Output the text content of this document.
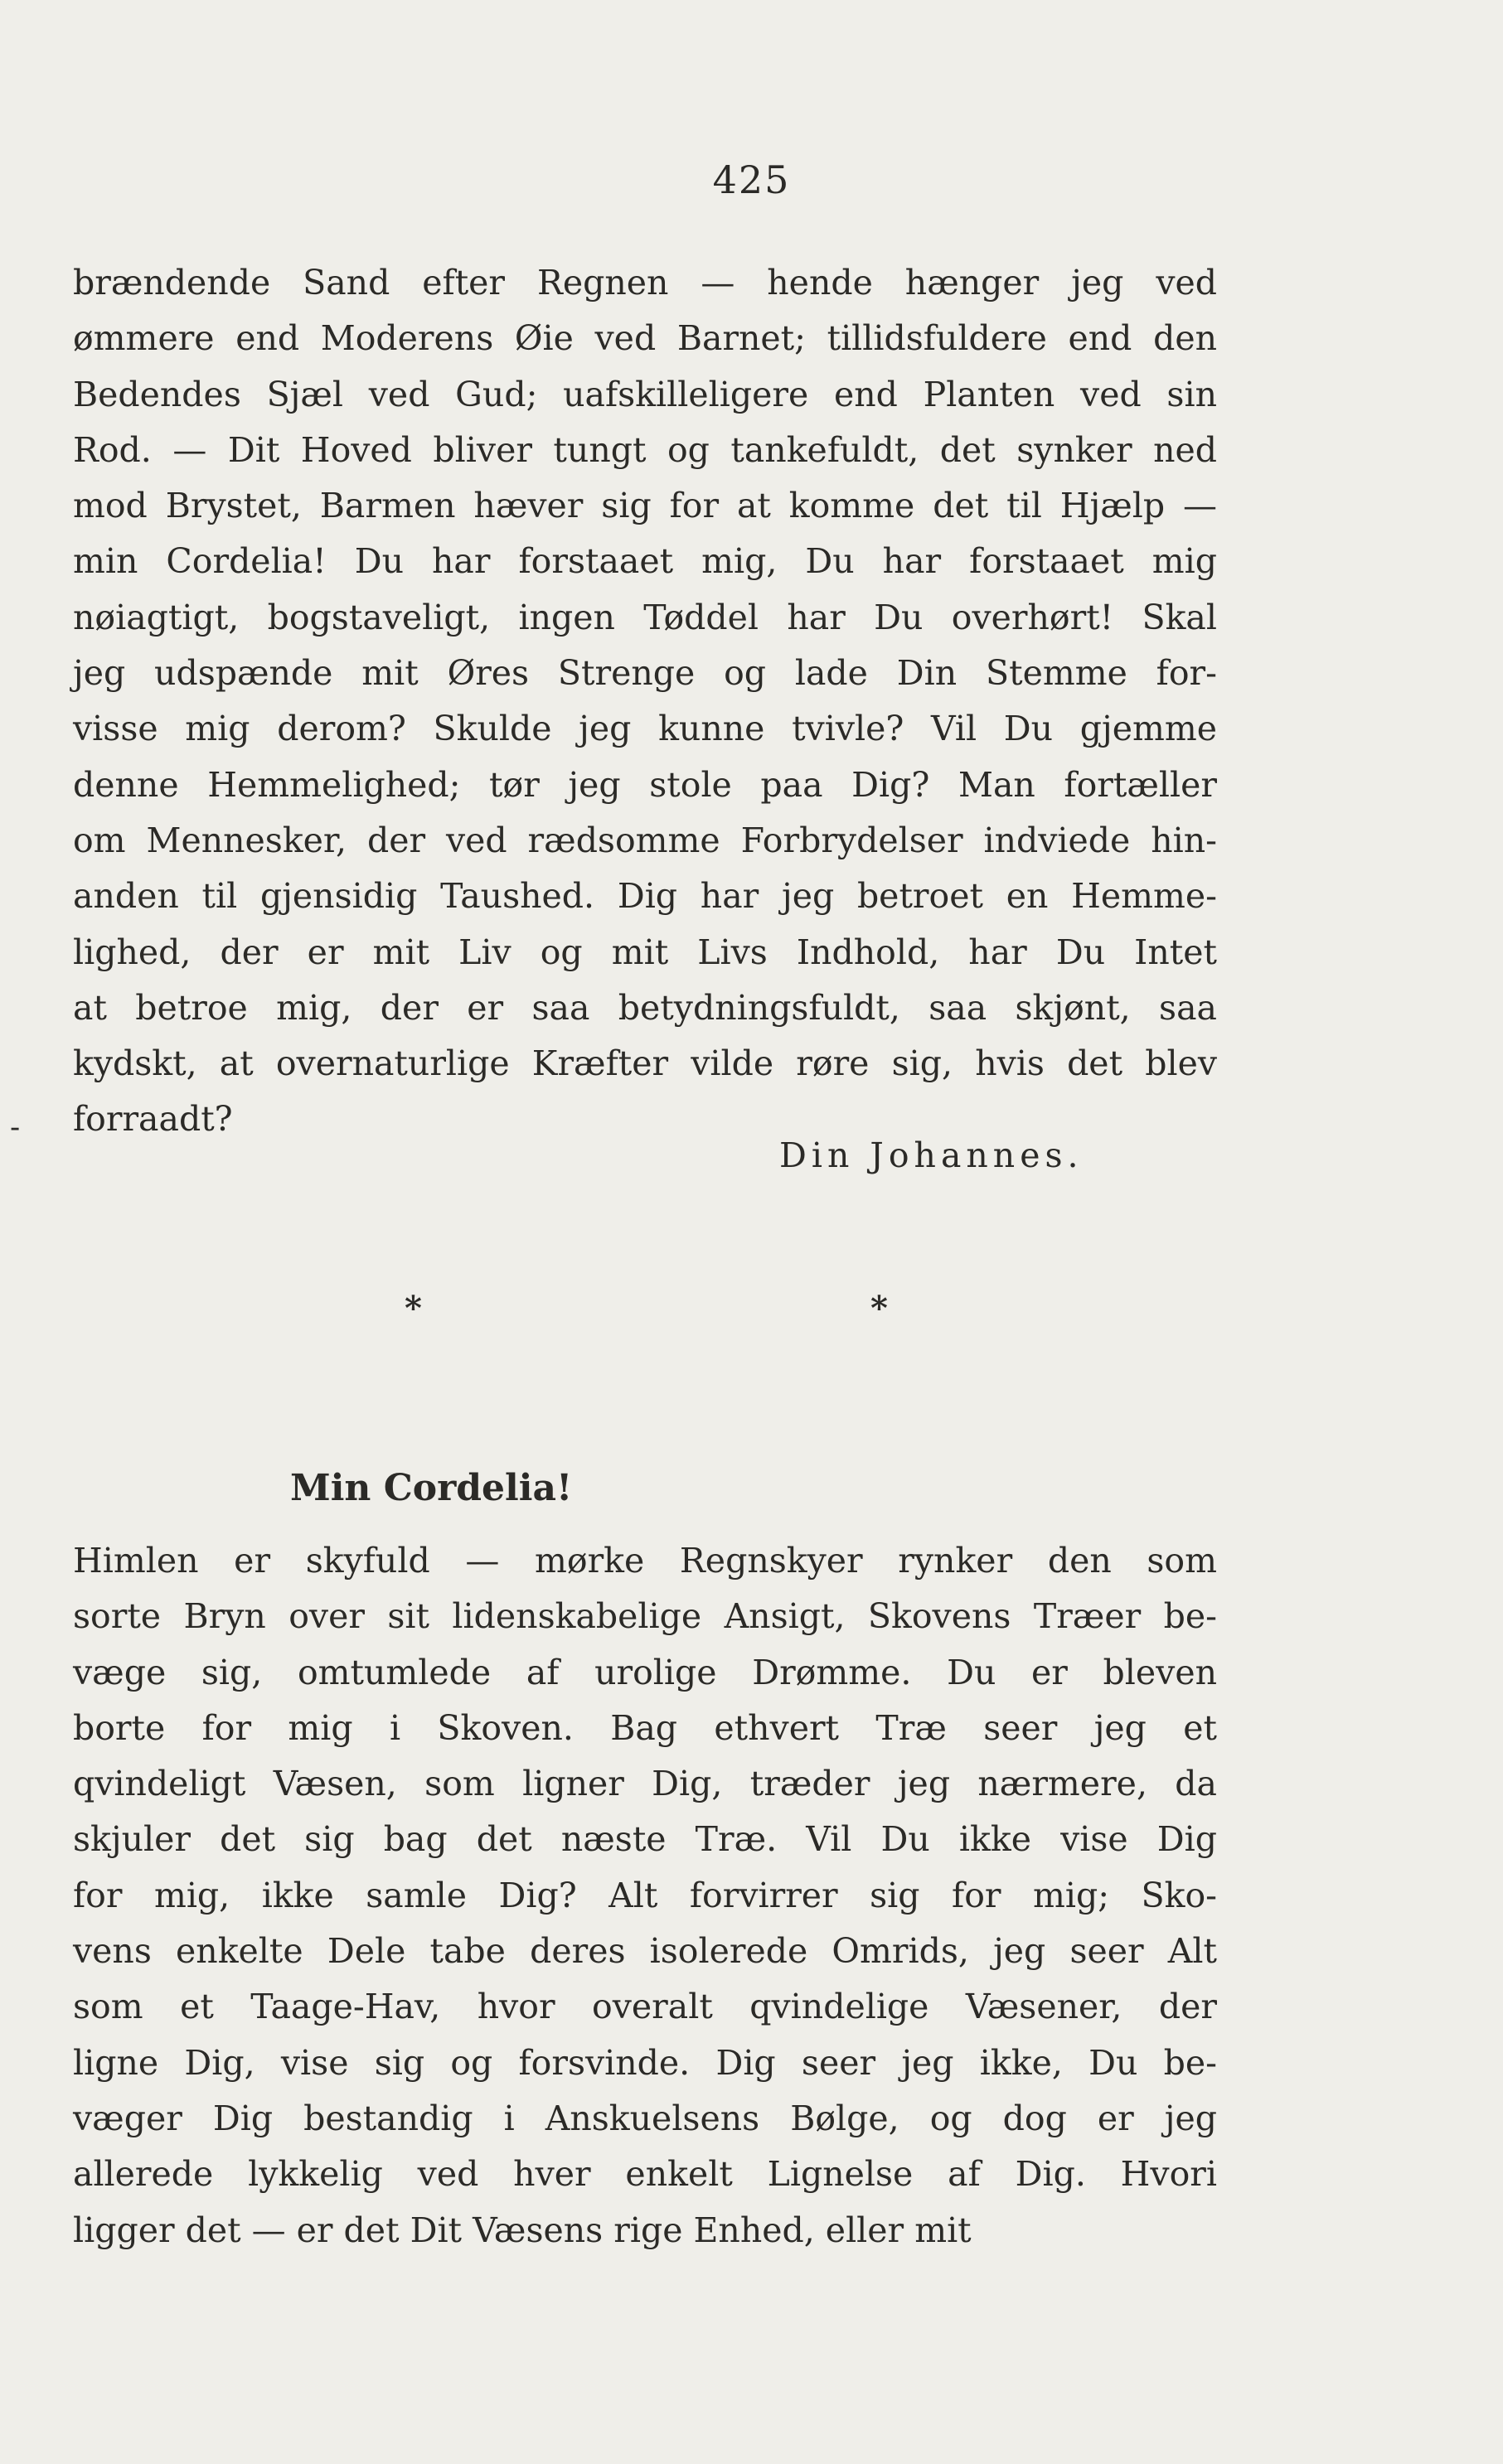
425
brændende Sand efter Regnen — hende hænger jeg ved
ømmere end Moderens Øie ved Barnet; tillidsfuldere end den
Bedendes Sjæl ved Gud; uafskilleligere end Planten ved sin
Rod. — Dit Hoved bliver tungt og tankefuldt, det synker ned
mod Brystet, Barmen hæver sig for at komme det til Hjælp —
min Cordelia! Du har forstaaet mig, Du har forstaaet mig
nøiagtigt, bogstaveligt, ingen Tøddel har Du overhørt! Skal
jeg udspænde mit Øres Strenge og lade Din Stemme for-
visse mig derom? Skulde jeg kunne tvivle? Vil Du gjemme
denne Hemmelighed; tør jeg stole paa Dig? Man fortæller
om Mennesker, der ved rædsomme Forbrydelser indviede hin-
anden til gjensidig Taushed. Dig har jeg betroet en Hemme-
lighed, der er mit Liv og mit Livs Indhold, har Du Intet
at betroe mig, der er saa betydningsfuldt, saa skjønt, saa
kydskt, at overnaturlige Kræfter vilde røre sig, hvis det blev
forraadt?
-
Din Johannes.
*	*
Min Cordelia!
Himlen er skyfuld — mørke Regnskyer rynker den som
sorte Bryn over sit lidenskabelige Ansigt, Skovens Træer be-
væge sig, omtumlede af urolige Drømme. Du er bleven
borte for mig i Skoven. Bag ethvert Træ seer jeg et
qvindeligt Væsen, som ligner Dig, træder jeg nærmere, da
skjuler det sig bag det næste Træ. Vil Du ikke vise Dig
for mig, ikke samle Dig? Alt forvirrer sig for mig; Sko-
vens enkelte Dele tabe deres isolerede Omrids, jeg seer Alt
som et Taage-Hav, hvor overalt qvindelige Væsener, der
ligne Dig, vise sig og forsvinde. Dig seer jeg ikke, Du be-
væger Dig bestandig i Anskuelsens Bølge, og dog er jeg
allerede lykkelig ved hver enkelt Lignelse af Dig. Hvori
ligger det — er det Dit Væsens rige Enhed, eller mit
